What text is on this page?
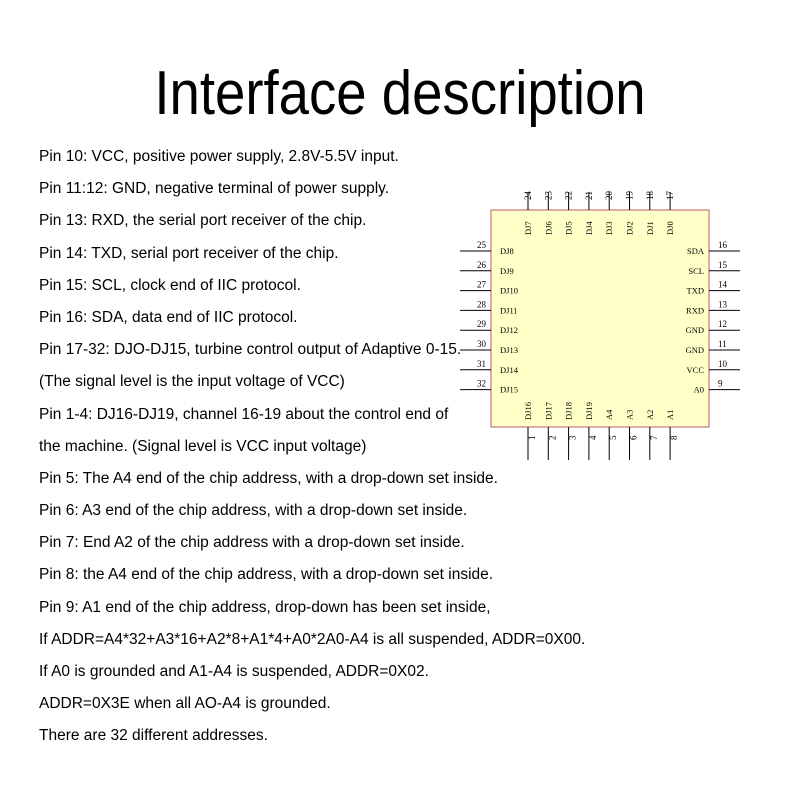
Interface description
Pin 10: VCC, positive power supply, 2.8V-5.5V input.
Pin 11:12: GND, negative terminal of power supply.
Pin 13: RXD, the serial port receiver of the chip.
Pin 14: TXD, serial port receiver of the chip.
Pin 15: SCL, clock end of IIC protocol.
Pin 16: SDA, data end of IIC protocol.
Pin 17-32: DJO-DJ15, turbine control output of Adaptive 0-15.
(The signal level is the input voltage of VCC)
Pin 1-4: DJ16-DJ19, channel 16-19 about the control end of
the machine. (Signal level is VCC input voltage)
Pin 5: The A4 end of the chip address, with a drop-down set inside.
Pin 6: A3 end of the chip address, with a drop-down set inside.
Pin 7: End A2 of the chip address with a drop-down set inside.
Pin 8: the A4 end of the chip address, with a drop-down set inside.
Pin 9: A1 end of the chip address, drop-down has been set inside,
If ADDR=A4*32+A3*16+A2*8+A1*4+A0*2A0-A4 is all suspended, ADDR=0X00.
If A0 is grounded and A1-A4 is suspended, ADDR=0X02.
ADDR=0X3E when all AO-A4 is grounded.
There are 32 different addresses.
24
DJ7
23
DJ6
22
DJ5
21
DJ4
20
DJ3
19
DJ2
18
DJ1
17
DJ0
1
DJ16
2
DJ17
3
DJ18
4
DJ19
5
A4
6
A3
7
A2
8
A1
25
DJ8
26
DJ9
27
DJ10
28
DJ11
29
DJ12
30
DJ13
31
DJ14
32
DJ15
16
SDA
15
SCL
14
TXD
13
RXD
12
GND
11
GND
10
VCC
9
A0
